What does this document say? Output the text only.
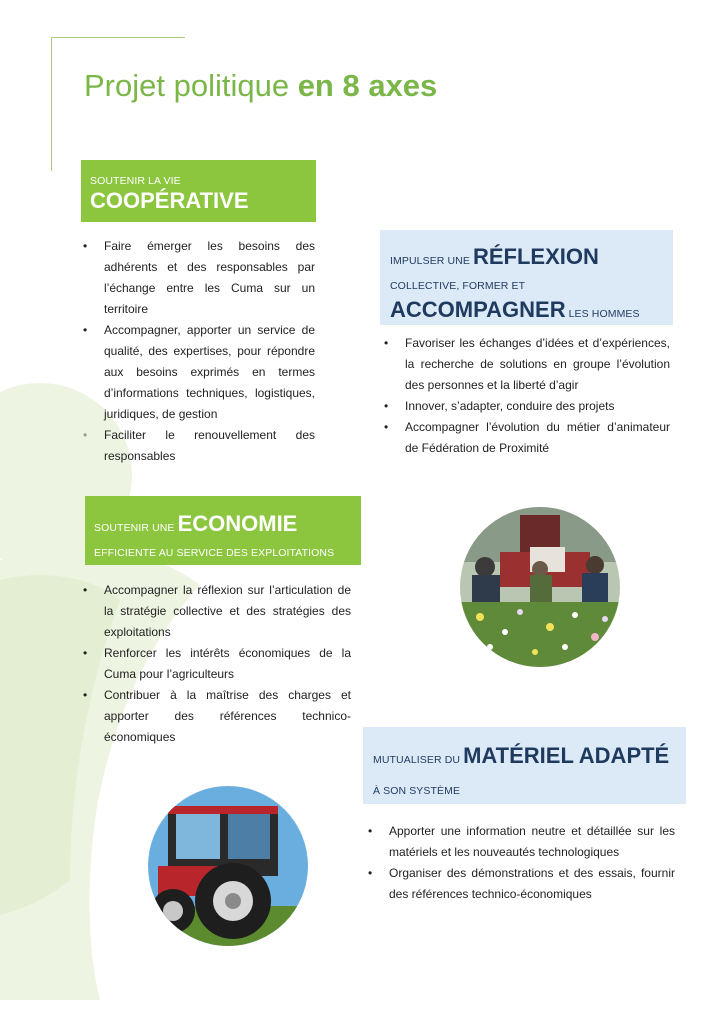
Projet politique en 8 axes
SOUTENIR LA VIE
COOPÉRATIVE
• Faire émerger les besoins des adhérents et des responsables par l’échange entre les Cuma sur un territoire
• Accompagner, apporter un service de qualité, des expertises, pour répondre aux besoins exprimés en termes d’informations techniques, logistiques, juridiques, de gestion
• Faciliter le renouvellement des responsables
IMPULSER UNE RÉFLEXION
COLLECTIVE, FORMER ET
ACCOMPAGNER LES HOMMES
• Favoriser les échanges d’idées et d’expériences, la recherche de solutions en groupe l’évolution des personnes et la liberté d’agir
• Innover, s’adapter, conduire des projets
• Accompagner l’évolution du métier d’animateur de Fédération de Proximité
SOUTENIR UNE ECONOMIE
EFFICIENTE AU SERVICE DES EXPLOITATIONS
• Accompagner la réflexion sur l’articulation de la stratégie collective et des stratégies des exploitations
• Renforcer les intérêts économiques de la Cuma pour l’agriculteurs
• Contribuer à la maîtrise des charges et apporter des références technico-économiques
MUTUALISER DU MATÉRIEL ADAPTÉ
À SON SYSTÈME
• Apporter une information neutre et détaillée sur les matériels et les nouveautés technologiques
• Organiser des démonstrations et des essais, fournir des références technico-économiques
